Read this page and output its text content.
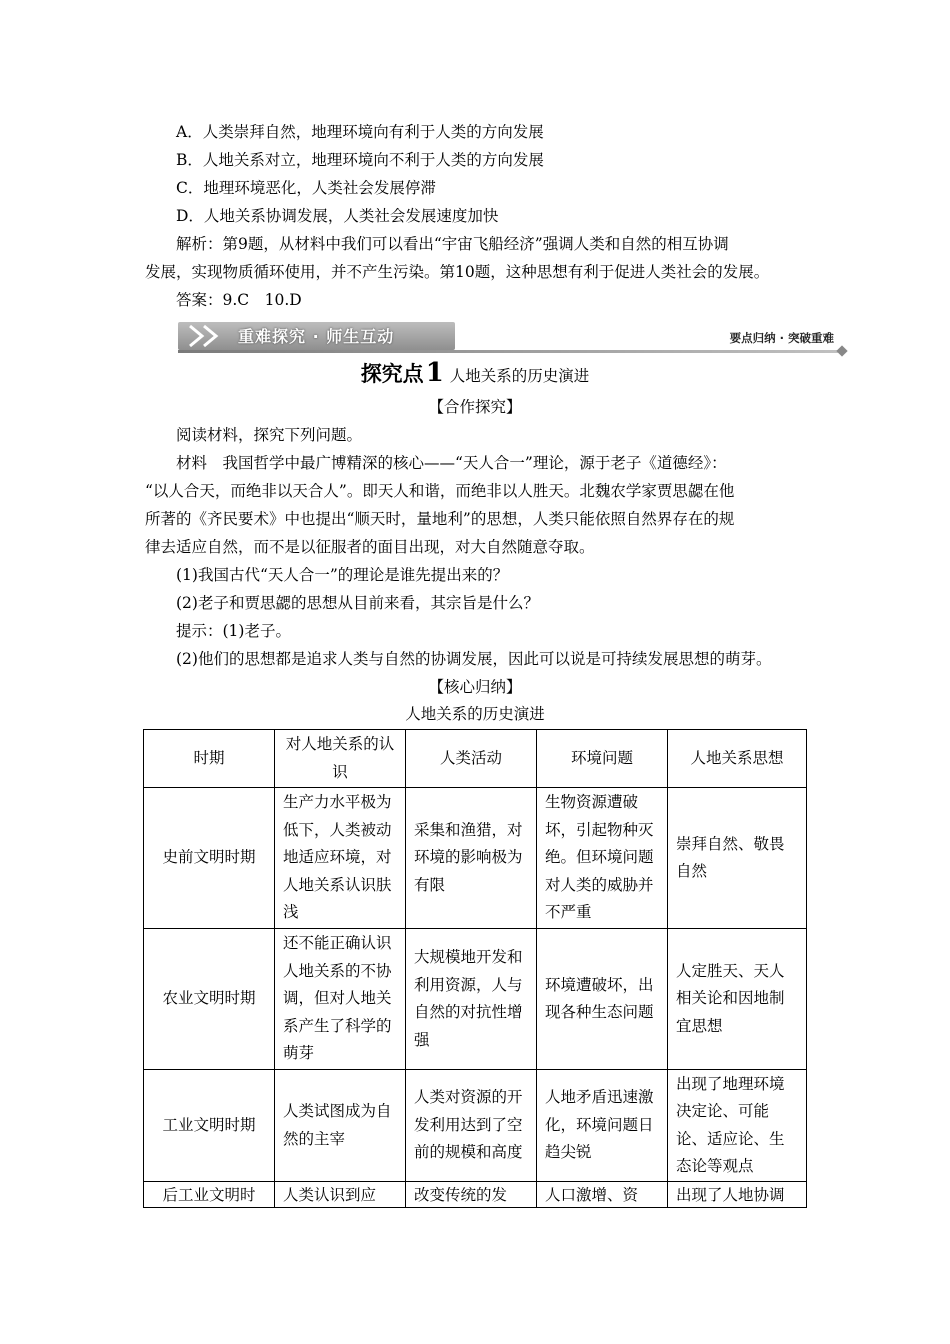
A．人类崇拜自然，地理环境向有利于人类的方向发展
B．人地关系对立，地理环境向不利于人类的方向发展
C．地理环境恶化，人类社会发展停滞
D．人地关系协调发展，人类社会发展速度加快
解析：第9题，从材料中我们可以看出“宇宙飞船经济”强调人类和自然的相互协调
发展，实现物质循环使用，并不产生污染。第10题，这种思想有利于促进人类社会的发展。
答案：9.C　10.D
重难探究 · 师生互动	要点归纳 · 突破重难
探究点1 人地关系的历史演进
【合作探究】
阅读材料，探究下列问题。
材料　我国哲学中最广博精深的核心——“天人合一”理论，源于老子《道德经》：
“以人合天，而绝非以天合人”。即天人和谐，而绝非以人胜天。北魏农学家贾思勰在他
所著的《齐民要术》中也提出“顺天时，量地利”的思想，人类只能依照自然界存在的规
律去适应自然，而不是以征服者的面目出现，对大自然随意夺取。
(1)我国古代“天人合一”的理论是谁先提出来的？
(2)老子和贾思勰的思想从目前来看，其宗旨是什么？
提示：(1)老子。
(2)他们的思想都是追求人类与自然的协调发展，因此可以说是可持续发展思想的萌芽。
【核心归纳】
人地关系的历史演进
时期	对人地关系的认识	人类活动	环境问题	人地关系思想
史前文明时期	生产力水平极为低下，人类被动地适应环境，对人地关系认识肤浅	采集和渔猎，对环境的影响极为有限	生物资源遭破坏，引起物种灭绝。但环境问题对人类的威胁并不严重	崇拜自然、敬畏自然
农业文明时期	还不能正确认识人地关系的不协调，但对人地关系产生了科学的萌芽	大规模地开发和利用资源，人与自然的对抗性增强	环境遭破坏，出现各种生态问题	人定胜天、天人相关论和因地制宜思想
工业文明时期	人类试图成为自然的主宰	人类对资源的开发利用达到了空前的规模和高度	人地矛盾迅速激化，环境问题日趋尖锐	出现了地理环境决定论、可能论、适应论、生态论等观点
后工业文明时	人类认识到应	改变传统的发	人口激增、资	出现了人地协调
